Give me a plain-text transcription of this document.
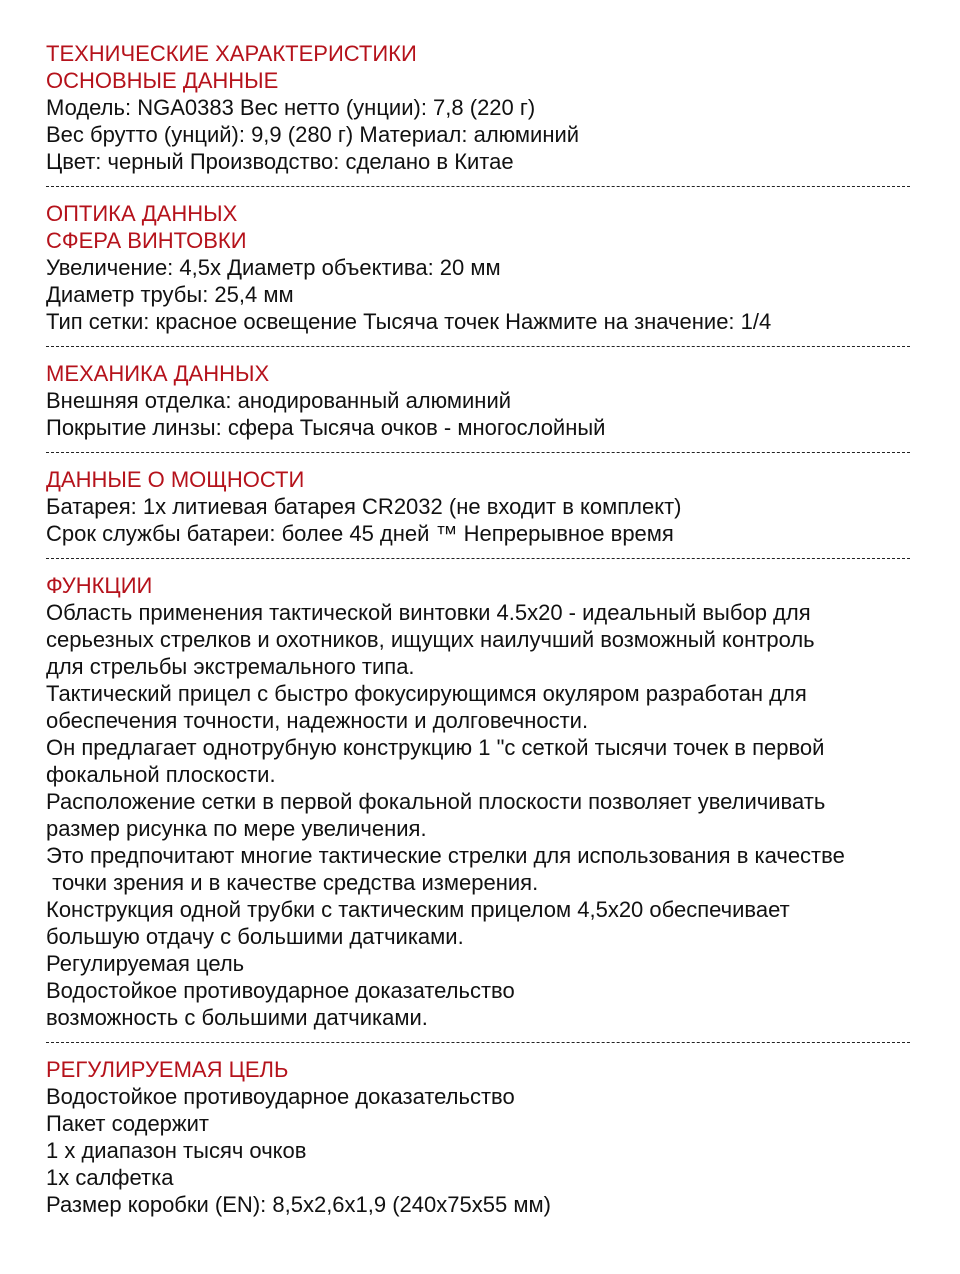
ТЕХНИЧЕСКИЕ ХАРАКТЕРИСТИКИ
ОСНОВНЫЕ ДАННЫЕ
Модель: NGA0383 Вес нетто (унции): 7,8 (220 г)
Вес брутто (унций): 9,9 (280 г) Материал: алюминий
Цвет: черный Производство: сделано в Китае
ОПТИКА ДАННЫХ
СФЕРА ВИНТОВКИ
Увеличение: 4,5x Диаметр объектива: 20 мм
Диаметр трубы: 25,4 мм
Тип сетки: красное освещение Тысяча точек Нажмите на значение: 1/4
МЕХАНИКА ДАННЫХ
Внешняя отделка: анодированный алюминий
Покрытие линзы: сфера Тысяча очков - многослойный
ДАННЫЕ О МОЩНОСТИ
Батарея: 1x литиевая батарея CR2032 (не входит в комплект)
Срок службы батареи: более 45 дней ™ Непрерывное время
ФУНКЦИИ
Область применения тактической винтовки 4.5x20 - идеальный выбор для
серьезных стрелков и охотников, ищущих наилучший возможный контроль
для стрельбы экстремального типа.
Тактический прицел с быстро фокусирующимся окуляром разработан для
обеспечения точности, надежности и долговечности.
Он предлагает однотрубную конструкцию 1 "с сеткой тысячи точек в первой
фокальной плоскости.
Расположение сетки в первой фокальной плоскости позволяет увеличивать
размер рисунка по мере увеличения.
Это предпочитают многие тактические стрелки для использования в качестве
точки зрения и в качестве средства измерения.
Конструкция одной трубки с тактическим прицелом 4,5x20 обеспечивает
большую отдачу с большими датчиками.
Регулируемая цель
Водостойкое противоударное доказательство
возможность с большими датчиками.
РЕГУЛИРУЕМАЯ ЦЕЛЬ
Водостойкое противоударное доказательство
Пакет содержит
1 х диапазон тысяч очков
1x салфетка
Размер коробки (EN): 8,5x2,6x1,9 (240x75x55 мм)
